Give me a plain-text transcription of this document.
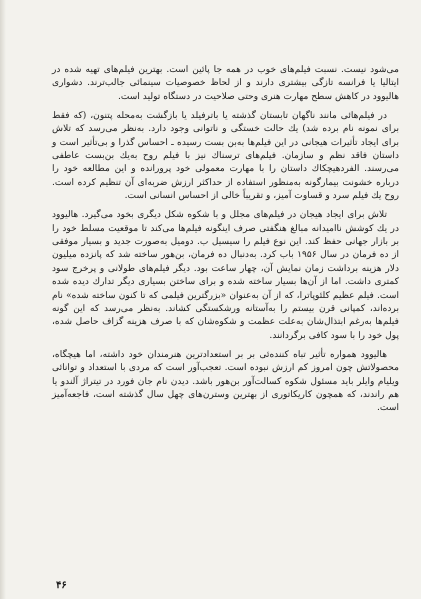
می‌شود نیست. نسبت فیلم‌های خوب در همه جا پائین است. بهترین فیلم‌های تهیه شده در ایتالیا یا فرانسه تازگی بیشتری دارند و از لحاظ خصوصیات سینمائی جالب‌ترند. دشواری هالیوود در کاهش سطح مهارت هنری وحتی صلاحیت در دستگاه تولید است.

در فیلم‌هائی مانند ناگهان تابستان گذشته یا باترفیلد یا بازگشت به‌محله پتنون، (که فقط برای نمونه نام برده شد) یك حالت خستگی و ناتوانی وجود دارد. به‌نظر می‌رسد که تلاش برای ایجاد تأثیرات هیجانی در این فیلم‌ها به‌بن بست رسیده ـ احساس گذرا و بی‌تأثیر است و داستان فاقد نظم و سازمان. فیلم‌های ترسناك نیز با فیلم روح به‌یك بن‌بست عاطفی می‌رسند. الفرد‌هیچکاك داستان را با مهارت معمولی خود پرورانده و این مطالعه خود را درباره خشونت بیمارگونه به‌منظور استفاده از حداکثر ارزش ضربه‌ای آن تنظیم کرده است. روح یك فیلم سرد و قساوت آمیز، و تقریباً خالی از احساس انسانی است.

تلاش برای ایجاد هیجان در فیلم‌های مجلل و با شکوه شکل دیگری بخود می‌گیرد. هالیوود در یك کوشش ناامیدانه مبالغ هنگفتی صرف اینگونه فیلم‌ها می‌کند تا موقعیت مسلط خود را بر بازار جهانی حفظ کند. این نوع فیلم را سیسیل ب. دومیل به‌صورت جدید و بسیار موفقی از ده فرمان در سال ۱۹۵۶ باب کرد. به‌دنبال ده فرمان، بن‌هور ساخته شد که پانزده میلیون دلار هزینه برداشت زمان نمایش آن، چهار ساعت بود. دیگر فیلم‌های طولانی و پرخرج سود کمتری داشت. اما از آن‌ها بسیار ساخته شده و برای ساختن بسیاری دیگر تدارك دیده شده است. فیلم عظیم کلئوپاترا، که از آن به‌عنوان «بزرگترین فیلمی که تا کنون ساخته شده» نام برده‌اند، کمپانی قرن بیستم را به‌آستانه ورشکستگی کشاند. به‌نظر می‌رسد که این گونه فیلم‌ها به‌رغم ابتذال‌شان به‌علت عظمت و شکوه‌شان که با صرف هزینه گزاف حاصل شده، پول خود را با سود کافی برگردانند.

هالیوود همواره تأثیر تباه کننده‌ئی بر بر استعدادترین هنرمندان خود داشته، اما هیچگاه، محصولاتش چون امروز کم ارزش نبوده است. تعجب‌آور است که مردی با استعداد و توانائی ویلیام وایلر باید مسئول شکوه کسالت‌آور بن‌هور باشد. دیدن نام جان فورد در تیتراژ آلندو یا هم راندند، که همچون کاریکاتوری از بهترین وسترن‌های چهل سال گذشته است، فاجعه‌آمیز است.

۴۶
